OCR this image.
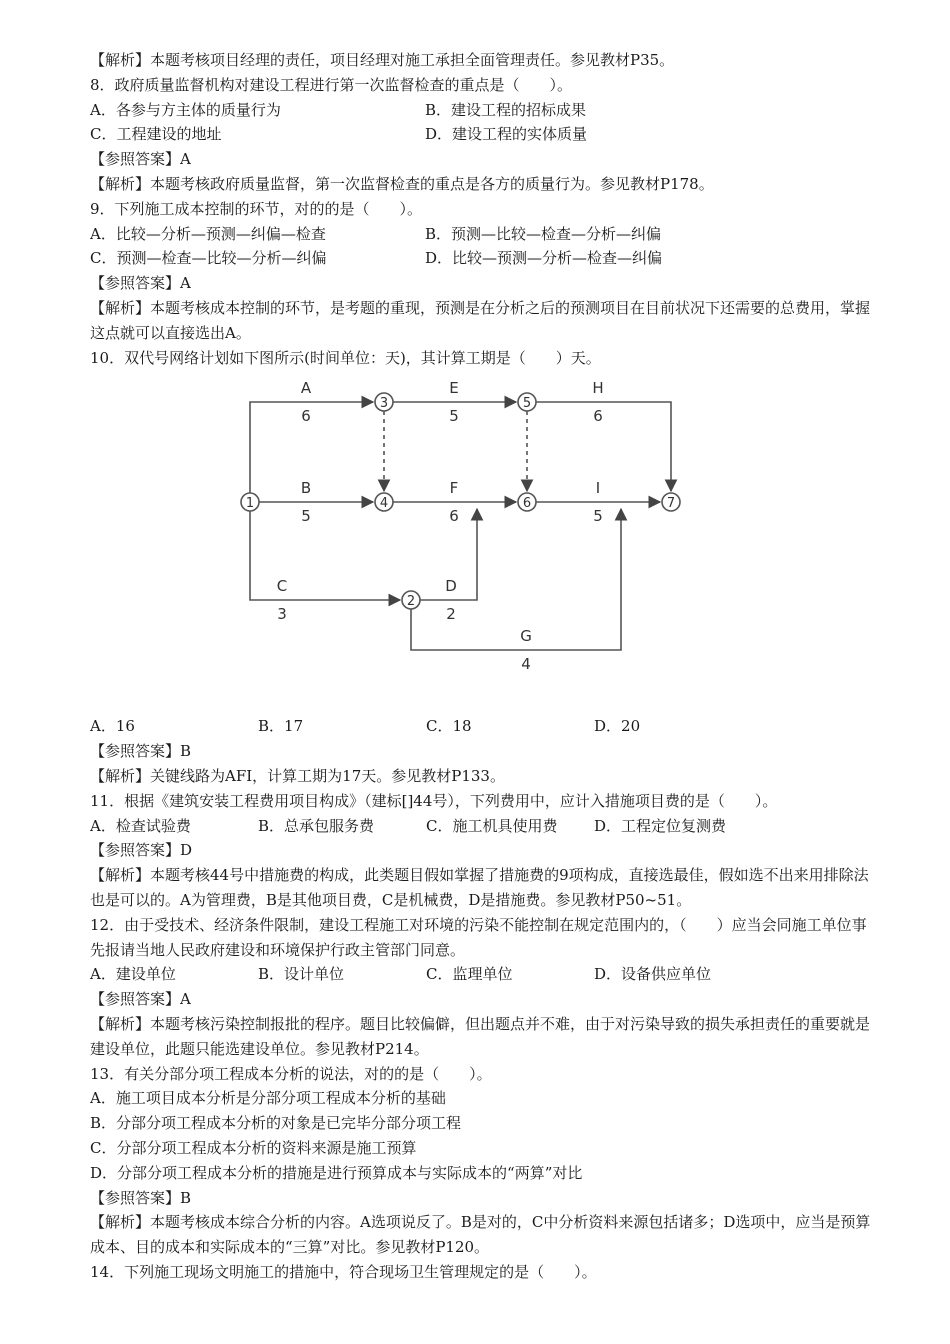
【解析】本题考核项目经理的责任，项目经理对施工承担全面管理责任。参见教材P35。
8．政府质量监督机构对建设工程进行第一次监督检查的重点是（　　）。
A．各参与方主体的质量行为	B．建设工程的招标成果
C．工程建设的地址	D．建设工程的实体质量
【参照答案】A
【解析】本题考核政府质量监督，第一次监督检查的重点是各方的质量行为。参见教材P178。
9．下列施工成本控制的环节，对的的是（　　）。
A．比较—分析—预测—纠偏—检查	B．预测—比较—检查—分析—纠偏
C．预测—检查—比较—分析—纠偏	D．比较—预测—分析—检查—纠偏
【参照答案】A
【解析】本题考核成本控制的环节，是考题的重现，预测是在分析之后的预测项目在目前状况下还需要的总费用，掌握这点就可以直接选出A。
10．双代号网络计划如下图所示(时间单位：天)，其计算工期是（　　）天。
A
6
E
5
H
6
B
5
F
6
I
5
C
3
D
2
G
4
1
2
3
4
5
6	7
A．16	B．17	C．18	D．20
【参照答案】B
【解析】关键线路为AFI，计算工期为17天。参见教材P133。
11．根据《建筑安装工程费用项目构成》（建标[]44号），下列费用中，应计入措施项目费的是（　　）。
A．检查试验费	B．总承包服务费	C．施工机具使用费	D．工程定位复测费
【参照答案】D
【解析】本题考核44号中措施费的构成，此类题目假如掌握了措施费的9项构成，直接选最佳，假如选不出来用排除法也是可以的。A为管理费，B是其他项目费，C是机械费，D是措施费。参见教材P50~51。
12．由于受技术、经济条件限制，建设工程施工对环境的污染不能控制在规定范围内的，（　　）应当会同施工单位事先报请当地人民政府建设和环境保护行政主管部门同意。
A．建设单位	B．设计单位	C．监理单位	D．设备供应单位
【参照答案】A
【解析】本题考核污染控制报批的程序。题目比较偏僻，但出题点并不难，由于对污染导致的损失承担责任的重要就是建设单位，此题只能选建设单位。参见教材P214。
13．有关分部分项工程成本分析的说法，对的的是（　　）。
A．施工项目成本分析是分部分项工程成本分析的基础
B．分部分项工程成本分析的对象是已完毕分部分项工程
C．分部分项工程成本分析的资料来源是施工预算
D．分部分项工程成本分析的措施是进行预算成本与实际成本的“两算”对比
【参照答案】B
【解析】本题考核成本综合分析的内容。A选项说反了。B是对的，C中分析资料来源包括诸多；D选项中，应当是预算成本、目的成本和实际成本的“三算”对比。参见教材P120。
14．下列施工现场文明施工的措施中，符合现场卫生管理规定的是（　　）。
